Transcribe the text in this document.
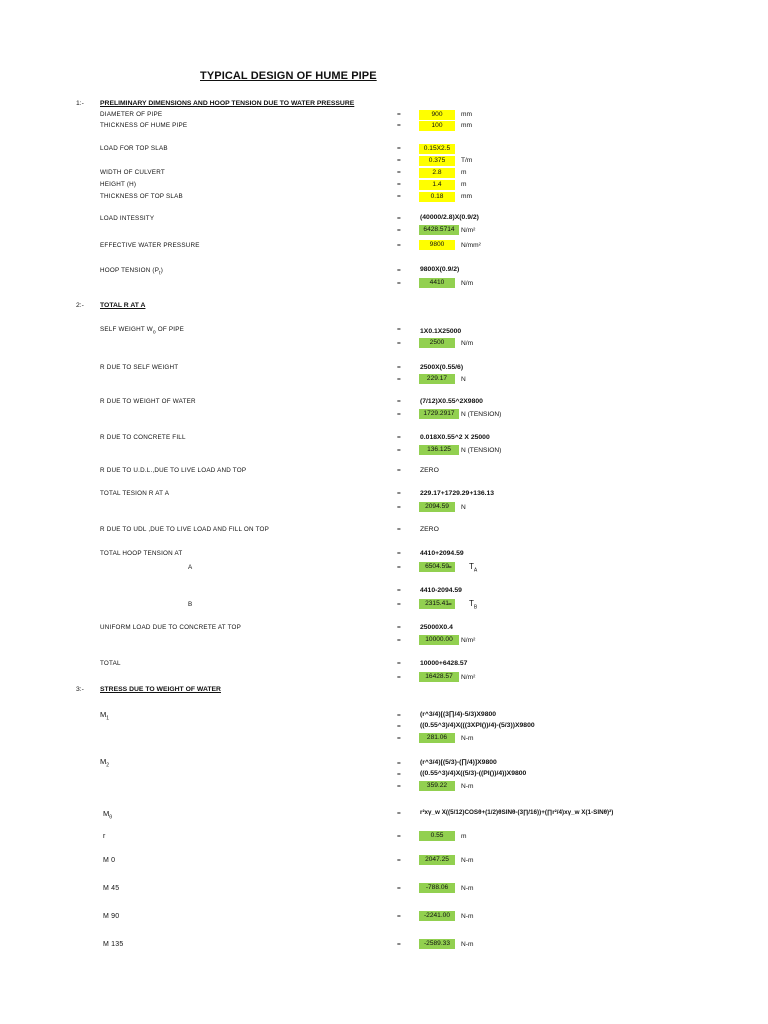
TYPICAL DESIGN OF HUME PIPE
1:- PRELIMINARY DIMENSIONS AND HOOP TENSION DUE TO WATER PRESSURE
DIAMETER OF PIPE	=	900	mm
THICKNESS OF HUME PIPE	=	100	mm
LOAD FOR TOP SLAB	=	0.15X2.5
=	0.375	T/m
WIDTH OF CULVERT	=	2.8	m
HEIGHT (H)	=	1.4	m
THICKNESS OF TOP SLAB	=	0.18	mm
LOAD INTESSITY	=	(40000/2.8)X(0.9/2)
=	6428.5714 N/m²
EFFECTIVE WATER PRESSURE	=	9800	N/mm²
HOOP TENSION $(P_t)$	=	9800X(0.9/2)
=	4410	N/m
2:- TOTAL R AT A
SELF WEIGHT $W_o$ OF PIPE	=	1X0.1X25000
=	2500	N/m
R DUE TO SELF WEIGHT	=	2500X(0.55/6)
=	229.17	N
R DUE TO WEIGHT OF WATER	=	(7/12)X0.55^2X9800
=	1729.2917 N (TENSION)
R DUE TO CONCRETE FILL	=	0.018X0.55^2 X 25000
=	136.125	N (TENSION)
R DUE TO U.D.L.,DUE TO LIVE LOAD AND TOP	=	ZERO
TOTAL TESION R AT A	=	229.17+1729.29+136.13
=	2094.59	N
R DUE TO UDL ,DUE TO LIVE LOAD AND FILL ON TOP	=	ZERO
TOTAL HOOP TENSION AT	=	4410+2094.59
A	=	$6504.59 = T_A$
=	4410-2094.59
B	=	$2315.41 = T_B$
UNIFORM LOAD DUE TO CONCRETE AT TOP	=	25000X0.4
=	10000.00	N/m²
TOTAL	=	10000+6428.57
=	16428.57	N/m²
3:- STRESS DUE TO WEIGHT OF WATER
$M_1$	=	(r^3/4)[(3∏/4)-5/3)X9800
=	((0.55^3)/4)X(((3XPI())/4)-(5/3))X9800
=	281.06	N-m
$M_2$	=	(r^3/4)[(5/3)-(∏/4)]X9800
=	((0.55^3)/4)X((5/3)-((PI())/4))X9800
=	359.22	N-m
$M_\theta$
=	r²xγ_w X((5/12)COSθ+(1/2)θSINθ-(3∏/16))+(∏r²/4)xγ_w X(1-SINθ)²)
r	=	0.55	m
M 0	=	2047.25	N-m
M 45	=	-788.06	N-m
M 90	=	-2241.00	N-m
M 135	=	-2589.33	N-m
